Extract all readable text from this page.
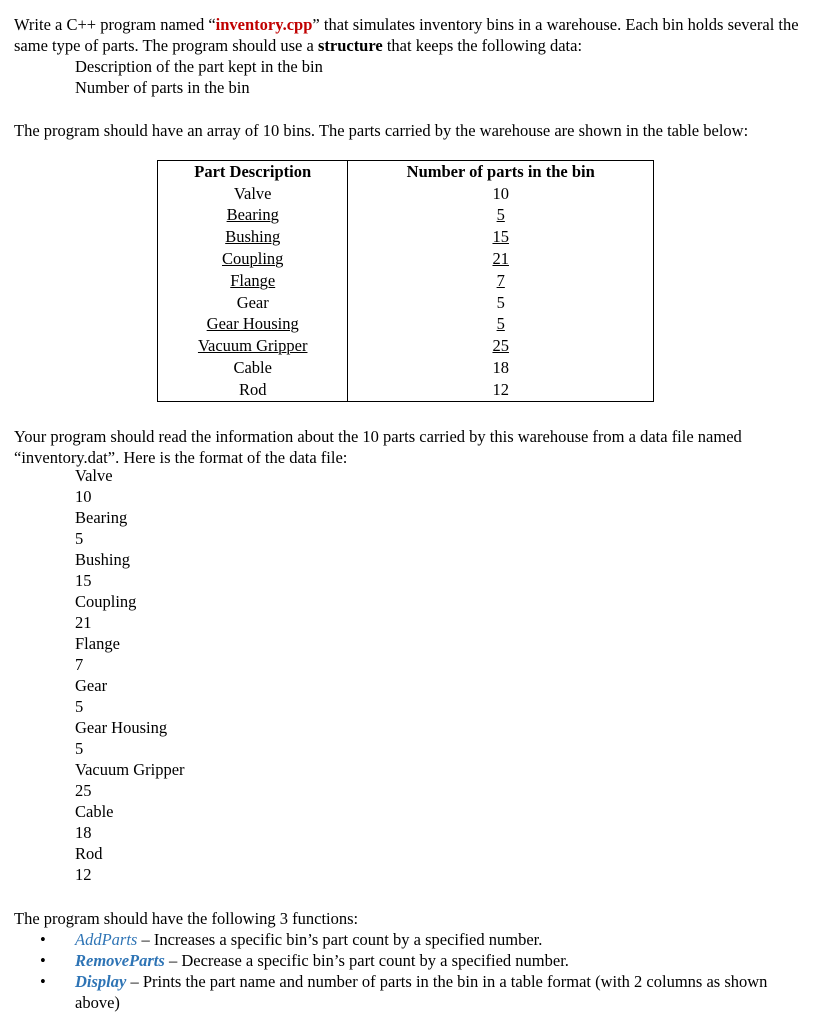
Write a C++ program named “inventory.cpp” that simulates inventory bins in a warehouse. Each bin holds several the same type of parts. The program should use a structure that keeps the following data:

Description of the part kept in the bin

Number of parts in the bin

The program should have an array of 10 bins. The parts carried by the warehouse are shown in the table below:

Part Description	Number of parts in the bin
Valve	10
Bearing	5
Bushing	15
Coupling	21
Flange	7
Gear	5
Gear Housing	5
Vacuum Gripper	25
Cable	18
Rod	12

Your program should read the information about the 10 parts carried by this warehouse from a data file named “inventory.dat”. Here is the format of the data file:

Valve
10
Bearing
5
Bushing
15
Coupling
21
Flange
7
Gear
5
Gear Housing
5
Vacuum Gripper
25
Cable
18
Rod
12

The program should have the following 3 functions:

• AddParts – Increases a specific bin’s part count by a specified number.
• RemoveParts – Decrease a specific bin’s part count by a specified number.
• Display – Prints the part name and number of parts in the bin in a table format (with 2 columns as shown above)
